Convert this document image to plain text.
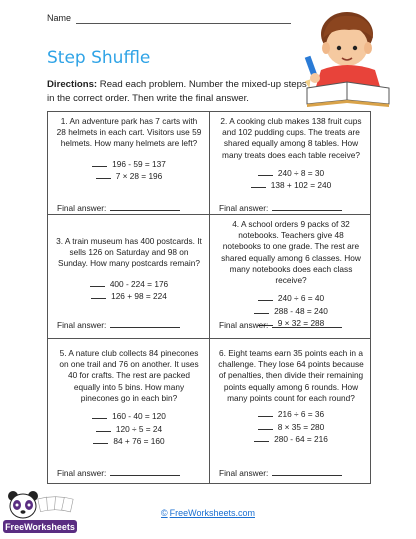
Name
Step Shuffle
Directions: Read each problem. Number the mixed-up steps in the correct order. Then write the final answer.

1. An adventure park has 7 carts with 28 helmets in each cart. Visitors use 59 helmets. How many helmets are left?

196 - 59 = 137
7 × 28 = 196
Final answer:

2. A cooking club makes 138 fruit cups and 102 pudding cups. The treats are shared equally among 8 tables. How many treats does each table receive?

240 ÷ 8 = 30
138 + 102 = 240
Final answer:

3. A train museum has 400 postcards. It sells 126 on Saturday and 98 on Sunday. How many postcards remain?

400 - 224 = 176
126 + 98 = 224
Final answer:

4. A school orders 9 packs of 32 notebooks. Teachers give 48 notebooks to one grade. The rest are shared equally among 6 classes. How many notebooks does each class receive?

240 ÷ 6 = 40
288 - 48 = 240
9 × 32 = 288
Final answer:

5. A nature club collects 84 pinecones on one trail and 76 on another. It uses 40 for crafts. The rest are packed equally into 5 bins. How many pinecones go in each bin?

160 - 40 = 120
120 ÷ 5 = 24
84 + 76 = 160
Final answer:

6. Eight teams earn 35 points each in a challenge. They lose 64 points because of penalties, then divide their remaining points equally among 6 rounds. How many points count for each round?

216 ÷ 6 = 36
8 × 35 = 280
280 - 64 = 216
Final answer:
FreeWorksheets
© FreeWorksheets.com
